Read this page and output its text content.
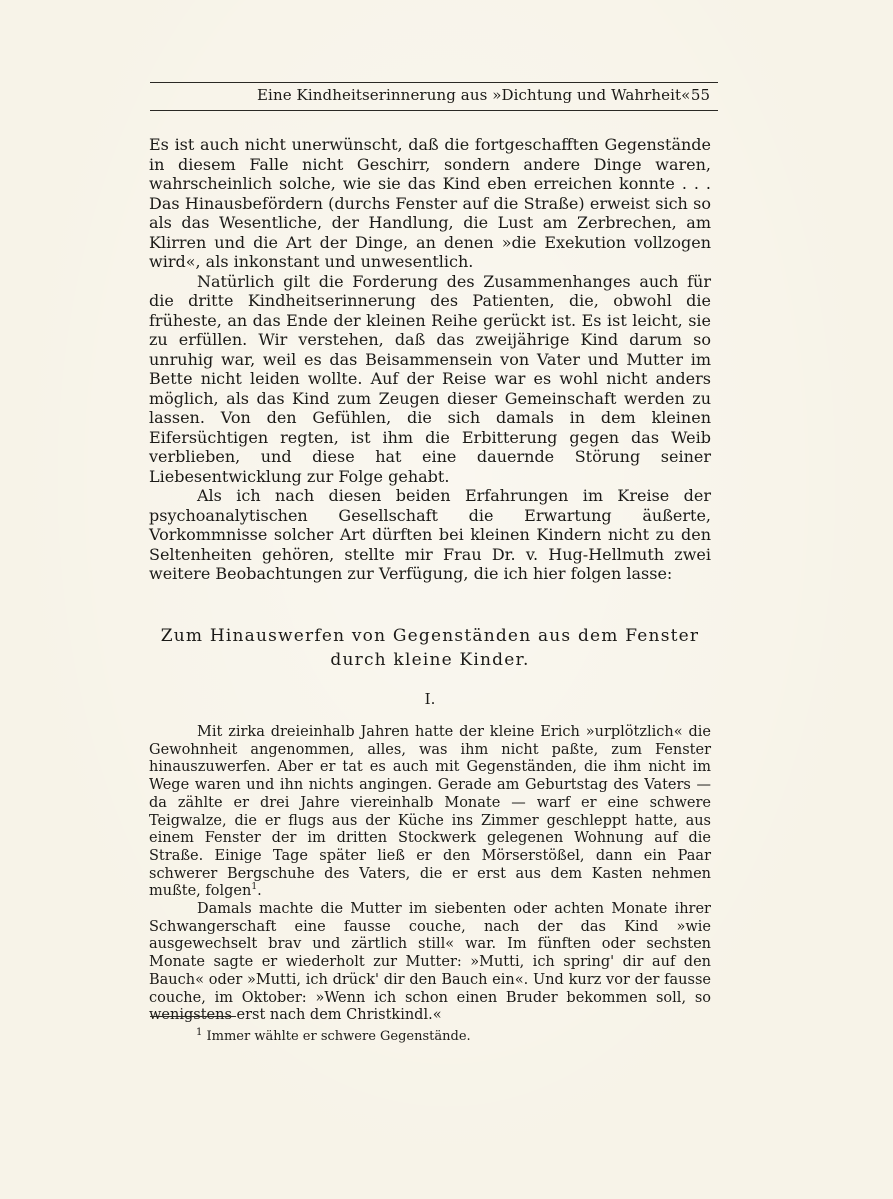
Eine Kindheitserinnerung aus »Dichtung und Wahrheit« 55

Es ist auch nicht unerwünscht, daß die fortgeschafften Gegenstände in diesem Falle nicht Geschirr, sondern andere Dinge waren, wahrscheinlich solche, wie sie das Kind eben erreichen konnte . . . Das Hinausbefördern (durchs Fenster auf die Straße) erweist sich so als das Wesentliche, der Handlung, die Lust am Zerbrechen, am Klirren und die Art der Dinge, an denen »die Exekution vollzogen wird«, als inkonstant und unwesentlich.

Natürlich gilt die Forderung des Zusammenhanges auch für die dritte Kindheitserinnerung des Patienten, die, obwohl die früheste, an das Ende der kleinen Reihe gerückt ist. Es ist leicht, sie zu erfüllen. Wir verstehen, daß das zweijährige Kind darum so unruhig war, weil es das Beisammensein von Vater und Mutter im Bette nicht leiden wollte. Auf der Reise war es wohl nicht anders möglich, als das Kind zum Zeugen dieser Gemeinschaft werden zu lassen. Von den Gefühlen, die sich damals in dem kleinen Eifersüchtigen regten, ist ihm die Erbitterung gegen das Weib verblieben, und diese hat eine dauernde Störung seiner Liebesentwicklung zur Folge gehabt.

Als ich nach diesen beiden Erfahrungen im Kreise der psychoanalytischen Gesellschaft die Erwartung äußerte, Vorkommnisse solcher Art dürften bei kleinen Kindern nicht zu den Seltenheiten gehören, stellte mir Frau Dr. v. Hug-Hellmuth zwei weitere Beobachtungen zur Verfügung, die ich hier folgen lasse:

Zum Hinauswerfen von Gegenständen aus dem Fenster
durch kleine Kinder.
I.

Mit zirka dreieinhalb Jahren hatte der kleine Erich »urplötzlich« die Gewohnheit angenommen, alles, was ihm nicht paßte, zum Fenster hinauszuwerfen. Aber er tat es auch mit Gegenständen, die ihm nicht im Wege waren und ihn nichts angingen. Gerade am Geburtstag des Vaters — da zählte er drei Jahre viereinhalb Monate — warf er eine schwere Teigwalze, die er flugs aus der Küche ins Zimmer geschleppt hatte, aus einem Fenster der im dritten Stockwerk gelegenen Wohnung auf die Straße. Einige Tage später ließ er den Mörserstößel, dann ein Paar schwerer Bergschuhe des Vaters, die er erst aus dem Kasten nehmen mußte, folgen$^1$.

Damals machte die Mutter im siebenten oder achten Monate ihrer Schwangerschaft eine fausse couche, nach der das Kind »wie ausgewechselt brav und zärtlich still« war. Im fünften oder sechsten Monate sagte er wiederholt zur Mutter: »Mutti, ich spring' dir auf den Bauch« oder »Mutti, ich drück' dir den Bauch ein«. Und kurz vor der fausse couche, im Oktober: »Wenn ich schon einen Bruder bekommen soll, so wenigstens erst nach dem Christkindl.«

$^1$ Immer wählte er schwere Gegenstände.
